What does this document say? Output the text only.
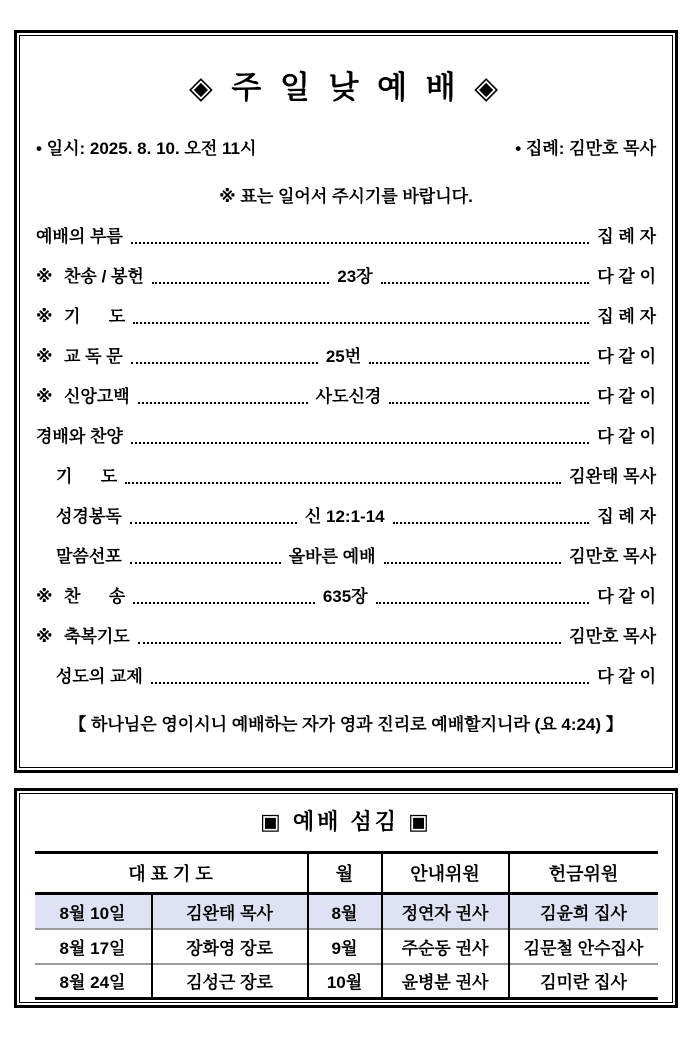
◈ 주 일 낮 예 배 ◈
• 일시: 2025. 8. 10. 오전 11시	• 집례: 김만호 목사
※ 표는 일어서 주시기를 바랍니다.
예배의 부름	집 례 자
※ 찬송 / 봉헌	23장	다 같 이
※ 기      도	집 례 자
※ 교 독 문	25번	다 같 이
※ 신앙고백	사도신경	다 같 이
경배와 찬양	다 같 이
기      도	김완태 목사
성경봉독	신 12:1-14	집 례 자
말씀선포	올바른 예배	김만호 목사
※ 찬      송	635장	다 같 이
※ 축복기도	김만호 목사
성도의 교제	다 같 이
【 하나님은 영이시니 예배하는 자가 영과 진리로 예배할지니라 (요 4:24) 】
▣ 예배 섬김 ▣
대 표 기 도		월	안내위원	헌금위원
8월 10일	김완태 목사	8월	정연자 권사	김윤희 집사
8월 17일	장화영 장로	9월	주순동 권사	김문철 안수집사
8월 24일	김성근 장로	10월	윤병분 권사	김미란 집사
